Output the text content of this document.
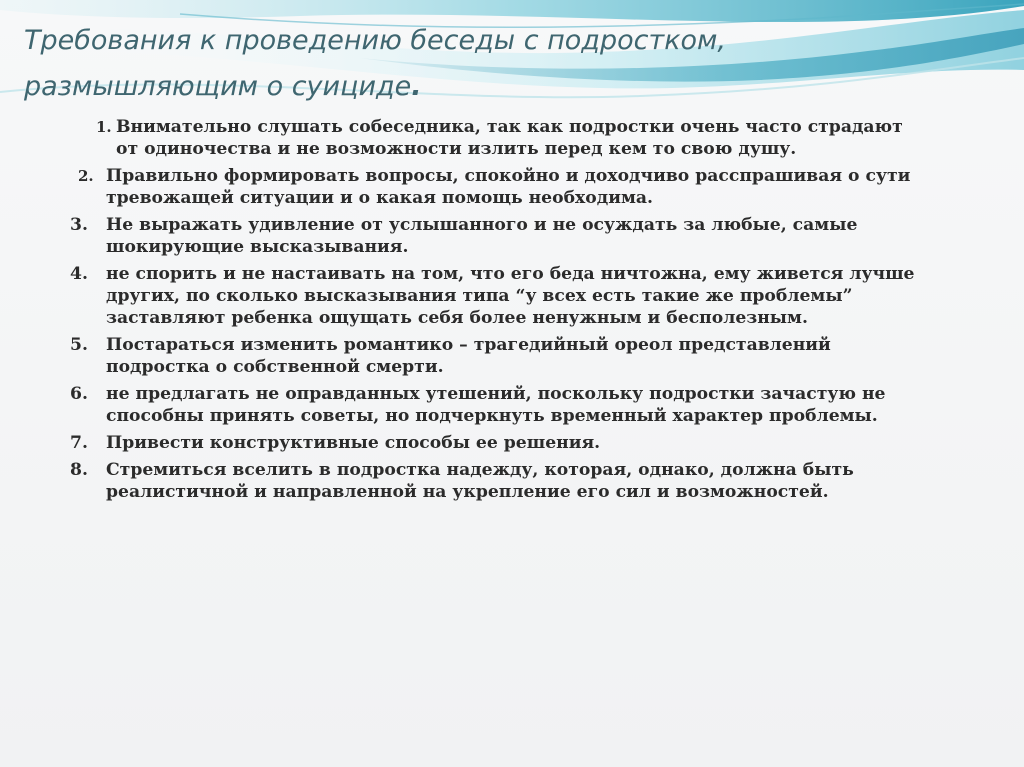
Требования к проведению беседы с подростком,
размышляющим о суициде.
1. Внимательно слушать собеседника, так как подростки очень часто страдают от одиночества и не возможности излить перед кем то свою душу.
2. Правильно формировать вопросы, спокойно и доходчиво расспрашивая о сути тревожащей ситуации и о какая помощь необходима.
3. Не выражать удивление от услышанного и не осуждать за любые, самые шокирующие высказывания.
4. не спорить и не настаивать на том, что его беда ничтожна, ему живется лучше других, по сколько высказывания типа “у всех есть такие же проблемы” заставляют ребенка ощущать себя более ненужным и бесполезным.
5. Постараться изменить романтико – трагедийный ореол представлений подростка о собственной смерти.
6. не предлагать не оправданных утешений, поскольку подростки зачастую не способны принять советы, но подчеркнуть временный характер проблемы.
7. Привести конструктивные способы ее решения.
8. Стремиться вселить в подростка надежду, которая, однако, должна быть реалистичной и направленной на укрепление его сил и возможностей.
